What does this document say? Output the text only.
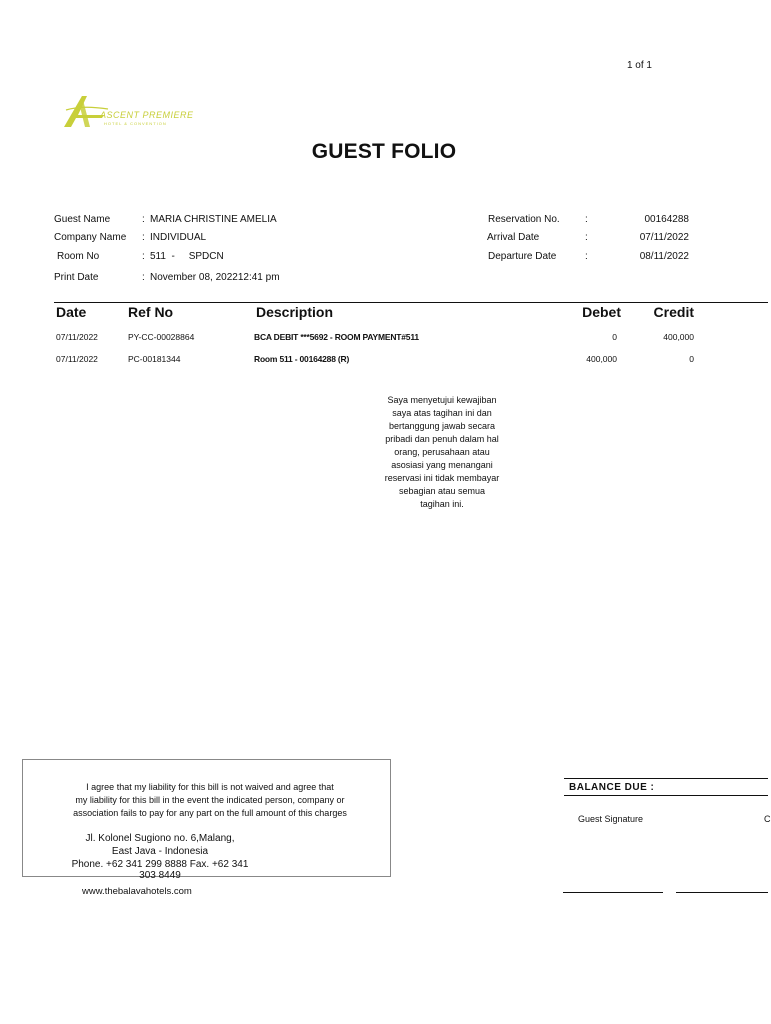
1 of 1
ASCENT PREMIERE
HOTEL & CONVENTION
GUEST FOLIO
Guest Name	: MARIA CHRISTINE AMELIA
Company Name : INDIVIDUAL
Room No	: 511  -     SPDCN
Print Date	: November 08, 202212:41 pm
Reservation No.	:	00164288
Arrival Date	:	07/11/2022
Departure Date	:	08/11/2022
Date	Ref No	Description	Debet	Credit
07/11/2022	PY-CC-00028864	BCA DEBIT ***5692 - ROOM PAYMENT#511	0	400,000
07/11/2022	PC-00181344	Room 511 - 00164288 (R)	400,000	0
Saya menyetujui kewajiban
saya atas tagihan ini dan
bertanggung jawab secara
pribadi dan penuh dalam hal
orang, perusahaan atau
asosiasi yang menangani
reservasi ini tidak membayar
sebagian atau semua
tagihan ini.
I agree that my liability for this bill is not waived and agree that
my liability for this bill in the event the indicated person, company or
association fails to pay for any part on the full amount of this charges
Jl. Kolonel Sugiono no. 6,Malang,
East Java - Indonesia
Phone. +62 341 299 8888 Fax. +62 341
303 8449
www.thebalavahotels.com
BALANCE DUE :
Guest Signature	C
